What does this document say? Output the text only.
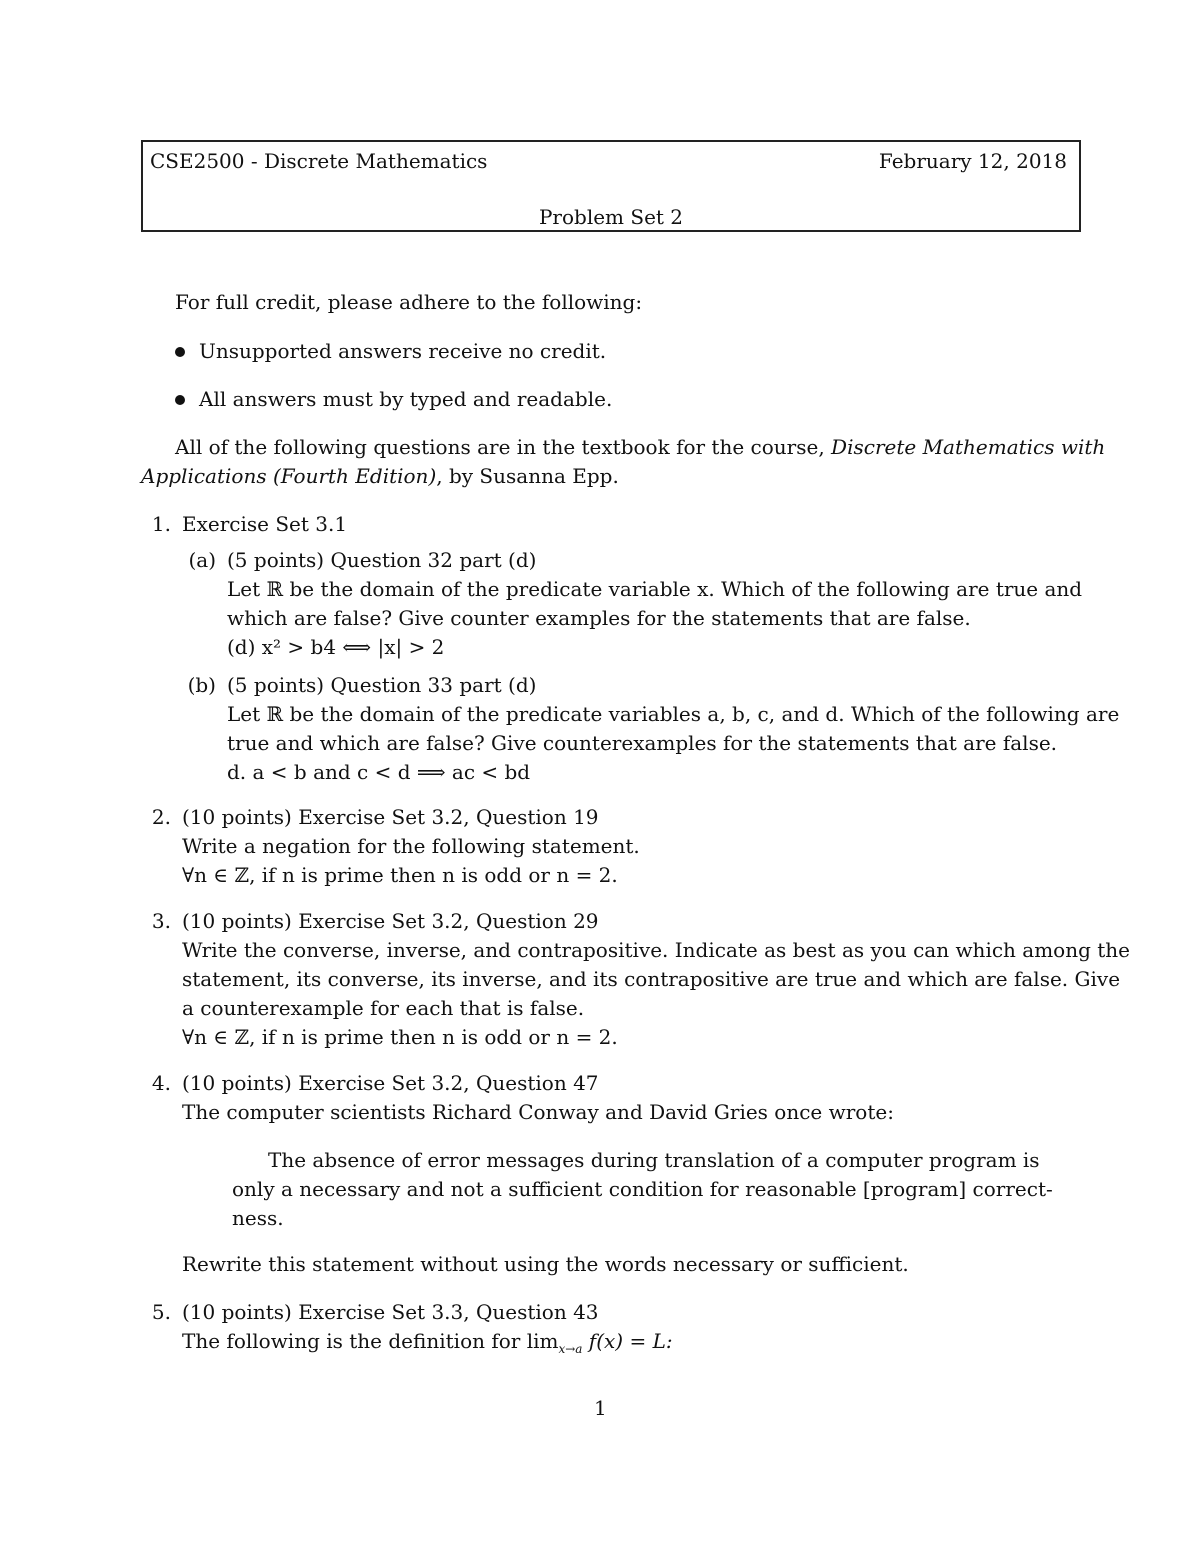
CSE2500 - Discrete Mathematics	February 12, 2018
Problem Set 2
For full credit, please adhere to the following:
Unsupported answers receive no credit.
All answers must by typed and readable.
All of the following questions are in the textbook for the course, Discrete Mathematics with
Applications (Fourth Edition), by Susanna Epp.
1. Exercise Set 3.1
(a) (5 points) Question 32 part (d)
Let ℝ be the domain of the predicate variable x. Which of the following are true and
which are false? Give counter examples for the statements that are false.
(d) x² > b4 ⟺ |x| > 2
(b) (5 points) Question 33 part (d)
Let ℝ be the domain of the predicate variables a, b, c, and d. Which of the following are
true and which are false? Give counterexamples for the statements that are false.
d. a < b and c < d ⟹ ac < bd
2. (10 points) Exercise Set 3.2, Question 19
Write a negation for the following statement.
∀n ∈ ℤ, if n is prime then n is odd or n = 2.
3. (10 points) Exercise Set 3.2, Question 29
Write the converse, inverse, and contrapositive. Indicate as best as you can which among the
statement, its converse, its inverse, and its contrapositive are true and which are false. Give
a counterexample for each that is false.
∀n ∈ ℤ, if n is prime then n is odd or n = 2.
4. (10 points) Exercise Set 3.2, Question 47
The computer scientists Richard Conway and David Gries once wrote:
The absence of error messages during translation of a computer program is
only a necessary and not a sufficient condition for reasonable [program] correct-
ness.
Rewrite this statement without using the words necessary or sufficient.
5. (10 points) Exercise Set 3.3, Question 43
The following is the definition for $\lim_{x\to a} f(x) = L$:
1
